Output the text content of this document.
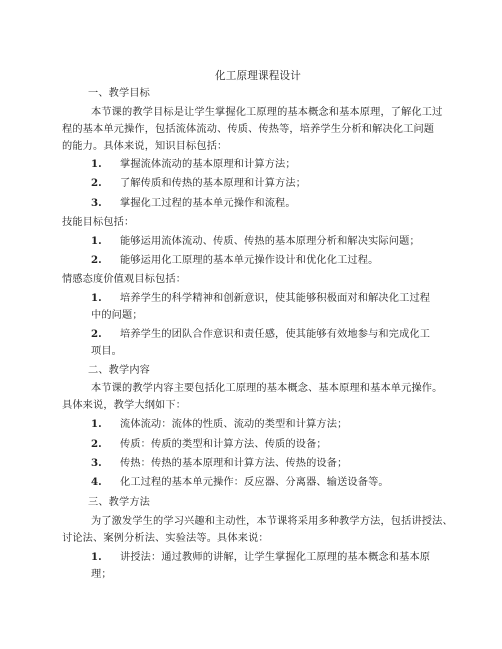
化工原理课程设计
一、教学目标
本节课的教学目标是让学生掌握化工原理的基本概念和基本原理，了解化工过
程的基本单元操作，包括流体流动、传质、传热等，培养学生分析和解决化工问题
的能力。具体来说，知识目标包括：
1. 掌握流体流动的基本原理和计算方法；
2. 了解传质和传热的基本原理和计算方法；
3. 掌握化工过程的基本单元操作和流程。
技能目标包括：
1. 能够运用流体流动、传质、传热的基本原理分析和解决实际问题；
2. 能够运用化工原理的基本单元操作设计和优化化工过程。
情感态度价值观目标包括：
1. 培养学生的科学精神和创新意识，使其能够积极面对和解决化工过程
中的问题；
2. 培养学生的团队合作意识和责任感，使其能够有效地参与和完成化工
项目。
二、教学内容
本节课的教学内容主要包括化工原理的基本概念、基本原理和基本单元操作。
具体来说，教学大纲如下：
1. 流体流动：流体的性质、流动的类型和计算方法；
2. 传质：传质的类型和计算方法、传质的设备；
3. 传热：传热的基本原理和计算方法、传热的设备；
4. 化工过程的基本单元操作：反应器、分离器、输送设备等。
三、教学方法
为了激发学生的学习兴趣和主动性，本节课将采用多种教学方法，包括讲授法、
讨论法、案例分析法、实验法等。具体来说：
1. 讲授法：通过教师的讲解，让学生掌握化工原理的基本概念和基本原
理；
